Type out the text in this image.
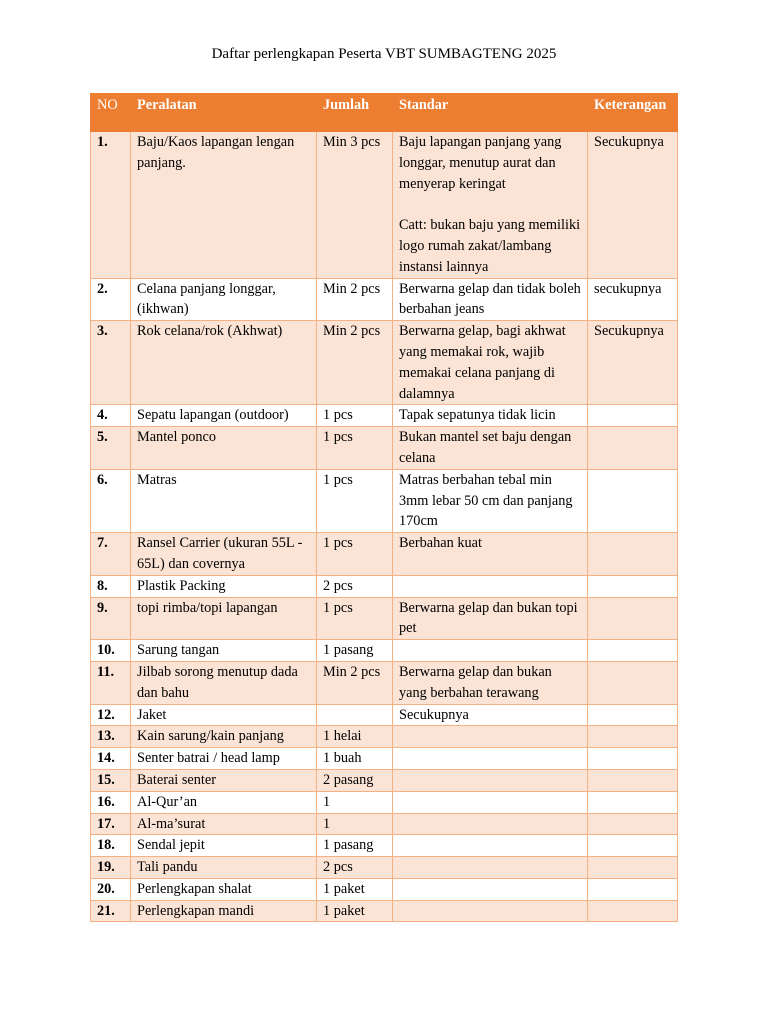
Daftar perlengkapan Peserta VBT SUMBAGTENG 2025
NO	Peralatan	Jumlah	Standar	Keterangan
1.	Baju/Kaos lapangan lengan panjang.	Min 3 pcs	Baju lapangan panjang yang longgar, menutup aurat dan menyerap keringat
Catt: bukan baju yang memiliki logo rumah zakat/lambang instansi lainnya	Secukupnya
2.	Celana panjang longgar, (ikhwan)	Min 2 pcs	Berwarna gelap dan tidak boleh berbahan jeans	secukupnya
3.	Rok celana/rok (Akhwat)	Min 2 pcs	Berwarna gelap, bagi akhwat yang memakai rok, wajib memakai celana panjang di dalamnya	Secukupnya
4.	Sepatu lapangan (outdoor)	1 pcs	Tapak sepatunya tidak licin	
5.	Mantel ponco	1 pcs	Bukan mantel set baju dengan celana	
6.	Matras	1 pcs	Matras berbahan tebal min 3mm lebar 50 cm dan panjang 170cm	
7.	Ransel Carrier (ukuran 55L - 65L) dan covernya	1 pcs	Berbahan kuat	
8.	Plastik Packing	2 pcs		
9.	topi rimba/topi lapangan	1 pcs	Berwarna gelap dan bukan topi pet	
10.	Sarung tangan	1 pasang		
11.	Jilbab sorong menutup dada dan bahu	Min 2 pcs	Berwarna gelap dan bukan yang berbahan terawang	
12.	Jaket		Secukupnya	
13.	Kain sarung/kain panjang	1 helai		
14.	Senter batrai / head lamp	1 buah		
15.	Baterai senter	2 pasang		
16.	Al-Qur’an	1		
17.	Al-ma’surat	1		
18.	Sendal jepit	1 pasang		
19.	Tali pandu	2 pcs		
20.	Perlengkapan shalat	1 paket		
21.	Perlengkapan mandi	1 paket		
